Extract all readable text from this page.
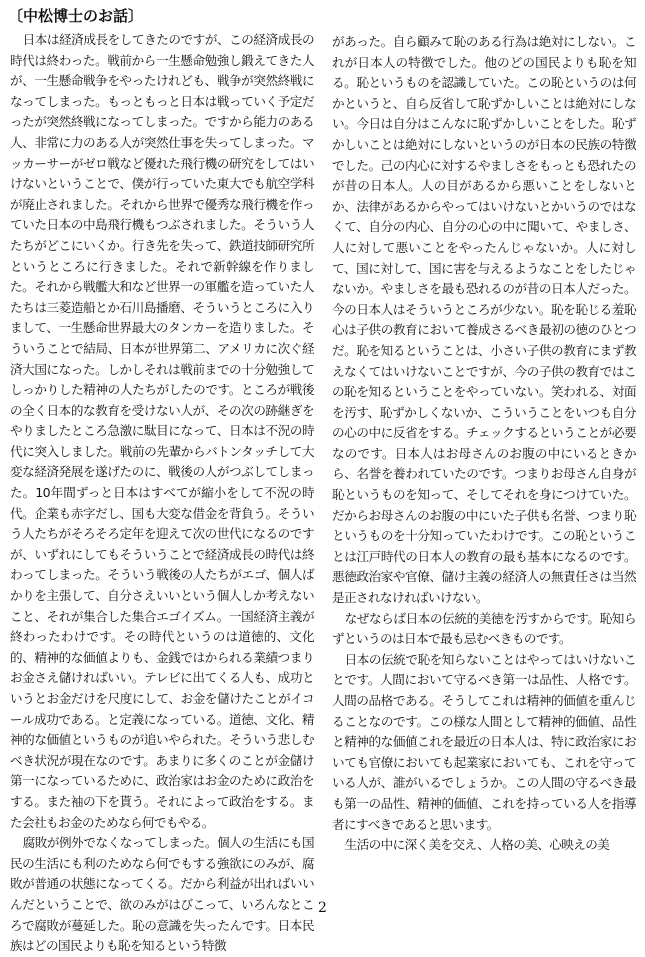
〔中松博士のお話〕

日本は経済成長をしてきたのですが、この経済成長の時代は終わった。戦前から一生懸命勉強し鍛えてきた人が、一生懸命戦争をやったけれども、戦争が突然終戦になってしまった。もっともっと日本は戦っていく予定だったが突然終戦になってしまった。ですから能力のある人、非常に力のある人が突然仕事を失ってしまった。マッカーサーがゼロ戦など優れた飛行機の研究をしてはいけないということで、僕が行っていた東大でも航空学科が廃止されました。それから世界で優秀な飛行機を作っていた日本の中島飛行機もつぶされました。そういう人たちがどこにいくか。行き先を失って、鉄道技師研究所というところに行きました。それで新幹線を作りました。それから戦艦大和など世界一の軍艦を造っていた人たちは三菱造船とか石川島播磨、そういうところに入りまして、一生懸命世界最大のタンカーを造りました。そういうことで結局、日本が世界第二、アメリカに次ぐ経済大国になった。しかしそれは戦前までの十分勉強してしっかりした精神の人たちがしたのです。ところが戦後の全く日本的な教育を受けない人が、その次の跡継ぎをやりましたところ急激に駄目になって、日本は不況の時代に突入しました。戦前の先輩からバトンタッチして大変な経済発展を遂げたのに、戦後の人がつぶしてしまった。10年間ずっと日本はすべてが縮小をして不況の時代。企業も赤字だし、国も大変な借金を背負う。そういう人たちがそろそろ定年を迎えて次の世代になるのですが、いずれにしてもそういうことで経済成長の時代は終わってしまった。そういう戦後の人たちがエゴ、個人ばかりを主張して、自分さえいいという個人しか考えないこと、それが集合した集合エゴイズム。一国経済主義が終わったわけです。その時代というのは道徳的、文化的、精神的な価値よりも、金銭ではかられる業績つまりお金さえ儲ければいい。テレビに出てくる人も、成功というとお金だけを尺度にして、お金を儲けたことがイコール成功である。と定義になっている。道徳、文化、精神的な価値というものが追いやられた。そういう悲しむべき状況が現在なのです。あまりに多くのことが金儲け第一になっているために、政治家はお金のために政治をする。また袖の下を貰う。それによって政治をする。また会社もお金のためなら何でもやる。

腐敗が例外でなくなってしまった。個人の生活にも国民の生活にも利のためなら何でもする強欲にのみが、腐敗が普通の状態になってくる。だから利益が出ればいいんだということで、欲のみがはびこって、いろんなところで腐敗が蔓延した。恥の意識を失ったんです。日本民族はどの国民よりも恥を知るという特徴

があった。自ら顧みて恥のある行為は絶対にしない。これが日本人の特徴でした。他のどの国民よりも恥を知る。恥というものを認識していた。この恥というのは何かというと、自ら反省して恥ずかしいことは絶対にしない。今日は自分はこんなに恥ずかしいことをした。恥ずかしいことは絶対にしないというのが日本の民族の特徴でした。己の内心に対するやましさをもっとも恐れたのが昔の日本人。人の目があるから悪いことをしないとか、法律があるからやってはいけないとかいうのではなくて、自分の内心、自分の心の中に聞いて、やましさ、人に対して悪いことをやったんじゃないか。人に対して、国に対して、国に害を与えるようなことをしたじゃないか。やましさを最も恐れるのが昔の日本人だった。今の日本人はそういうところが少ない。恥を恥じる羞恥心は子供の教育において養成さるべき最初の徳のひとつだ。恥を知るということは、小さい子供の教育にまず教えなくてはいけないことですが、今の子供の教育ではこの恥を知るということをやっていない。笑われる、対面を汚す、恥ずかしくないか、こういうことをいつも自分の心の中に反省をする。チェックするということが必要なのです。日本人はお母さんのお腹の中にいるときから、名誉を養われていたのです。つまりお母さん自身が恥というものを知って、そしてそれを身につけていた。だからお母さんのお腹の中にいた子供も名誉、つまり恥というものを十分知っていたわけです。この恥ということは江戸時代の日本人の教育の最も基本になるのです。悪徳政治家や官僚、儲け主義の経済人の無責任さは当然是正されなければいけない。

なぜならば日本の伝統的美徳を汚すからです。恥知らずというのは日本で最も忌むべきものです。

日本の伝統で恥を知らないことはやってはいけないことです。人間において守るべき第一は品性、人格です。人間の品格である。そうしてこれは精神的価値を重んじることなのです。この様な人間として精神的価値、品性と精神的な価値これを最近の日本人は、特に政治家においても官僚においても起業家においても、これを守っている人が、誰がいるでしょうか。この人間の守るべき最も第一の品性、精神的価値、これを持っている人を指導者にすべきであると思います。

生活の中に深く美を交え、人格の美、心映えの美

2
